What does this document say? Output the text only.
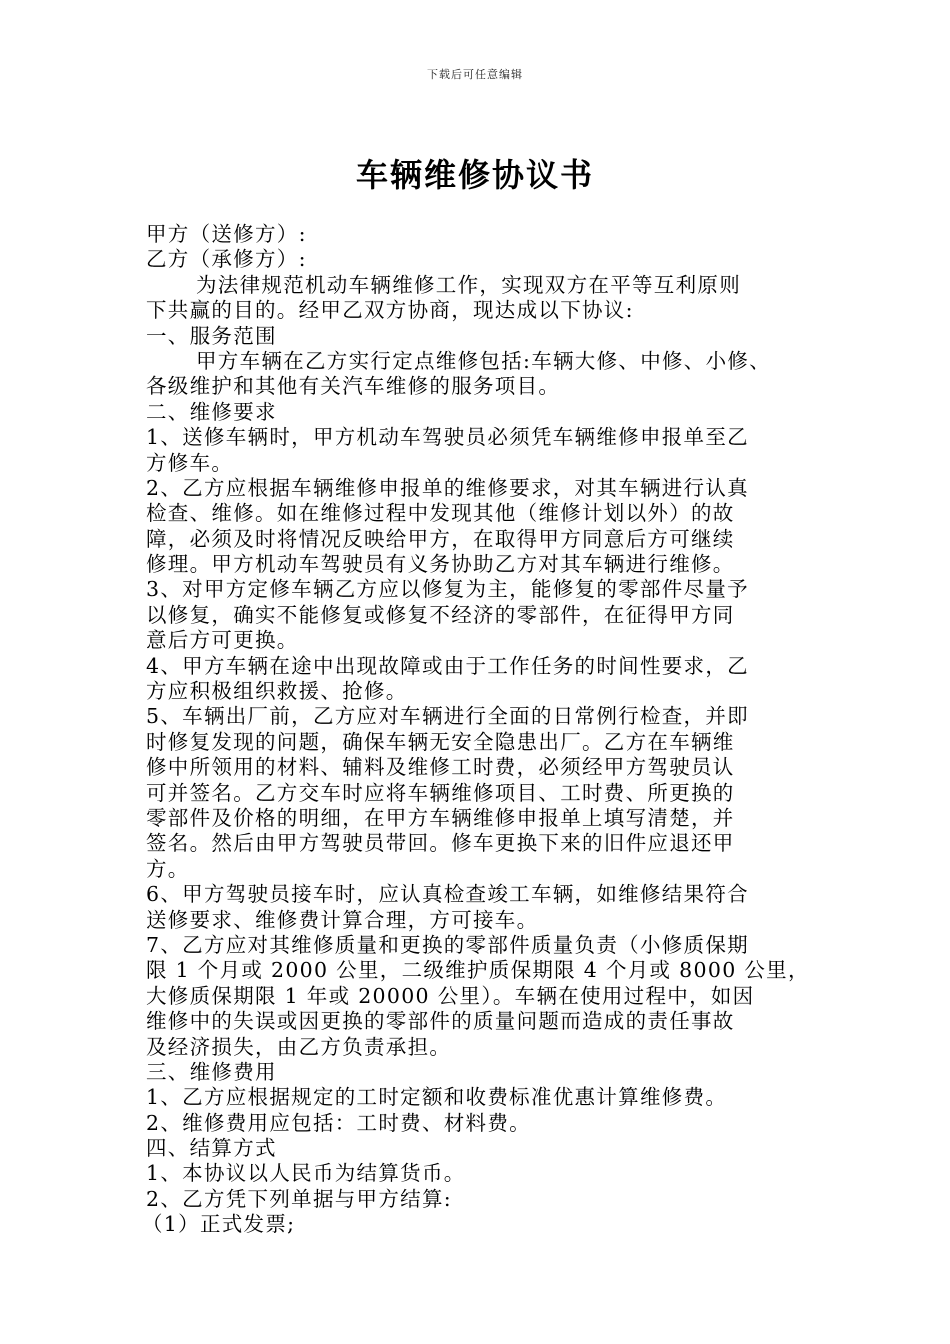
下载后可任意编辑
车辆维修协议书
甲方（送修方）:
乙方（承修方）:
为法律规范机动车辆维修工作，实现双方在平等互利原则
下共赢的目的。经甲乙双方协商，现达成以下协议:
一、服务范围
甲方车辆在乙方实行定点维修包括:车辆大修、中修、小修、
各级维护和其他有关汽车维修的服务项目。
二、维修要求
1、送修车辆时，甲方机动车驾驶员必须凭车辆维修申报单至乙
方修车。
2、乙方应根据车辆维修申报单的维修要求，对其车辆进行认真
检查、维修。如在维修过程中发现其他（维修计划以外）的故
障，必须及时将情况反映给甲方，在取得甲方同意后方可继续
修理。甲方机动车驾驶员有义务协助乙方对其车辆进行维修。
3、对甲方定修车辆乙方应以修复为主，能修复的零部件尽量予
以修复，确实不能修复或修复不经济的零部件，在征得甲方同
意后方可更换。
4、甲方车辆在途中出现故障或由于工作任务的时间性要求，乙
方应积极组织救援、抢修。
5、车辆出厂前，乙方应对车辆进行全面的日常例行检查，并即
时修复发现的问题，确保车辆无安全隐患出厂。乙方在车辆维
修中所领用的材料、辅料及维修工时费，必须经甲方驾驶员认
可并签名。乙方交车时应将车辆维修项目、工时费、所更换的
零部件及价格的明细，在甲方车辆维修申报单上填写清楚，并
签名。然后由甲方驾驶员带回。修车更换下来的旧件应退还甲
方。
6、甲方驾驶员接车时，应认真检查竣工车辆，如维修结果符合
送修要求、维修费计算合理，方可接车。
7、乙方应对其维修质量和更换的零部件质量负责（小修质保期
限 1 个月或 2000 公里，二级维护质保期限 4 个月或 8000 公里，
大修质保期限 1 年或 20000 公里）。车辆在使用过程中，如因
维修中的失误或因更换的零部件的质量问题而造成的责任事故
及经济损失，由乙方负责承担。
三、维修费用
1、乙方应根据规定的工时定额和收费标准优惠计算维修费。
2、维修费用应包括：工时费、材料费。
四、结算方式
1、本协议以人民币为结算货币。
2、乙方凭下列单据与甲方结算:
（1）正式发票;
